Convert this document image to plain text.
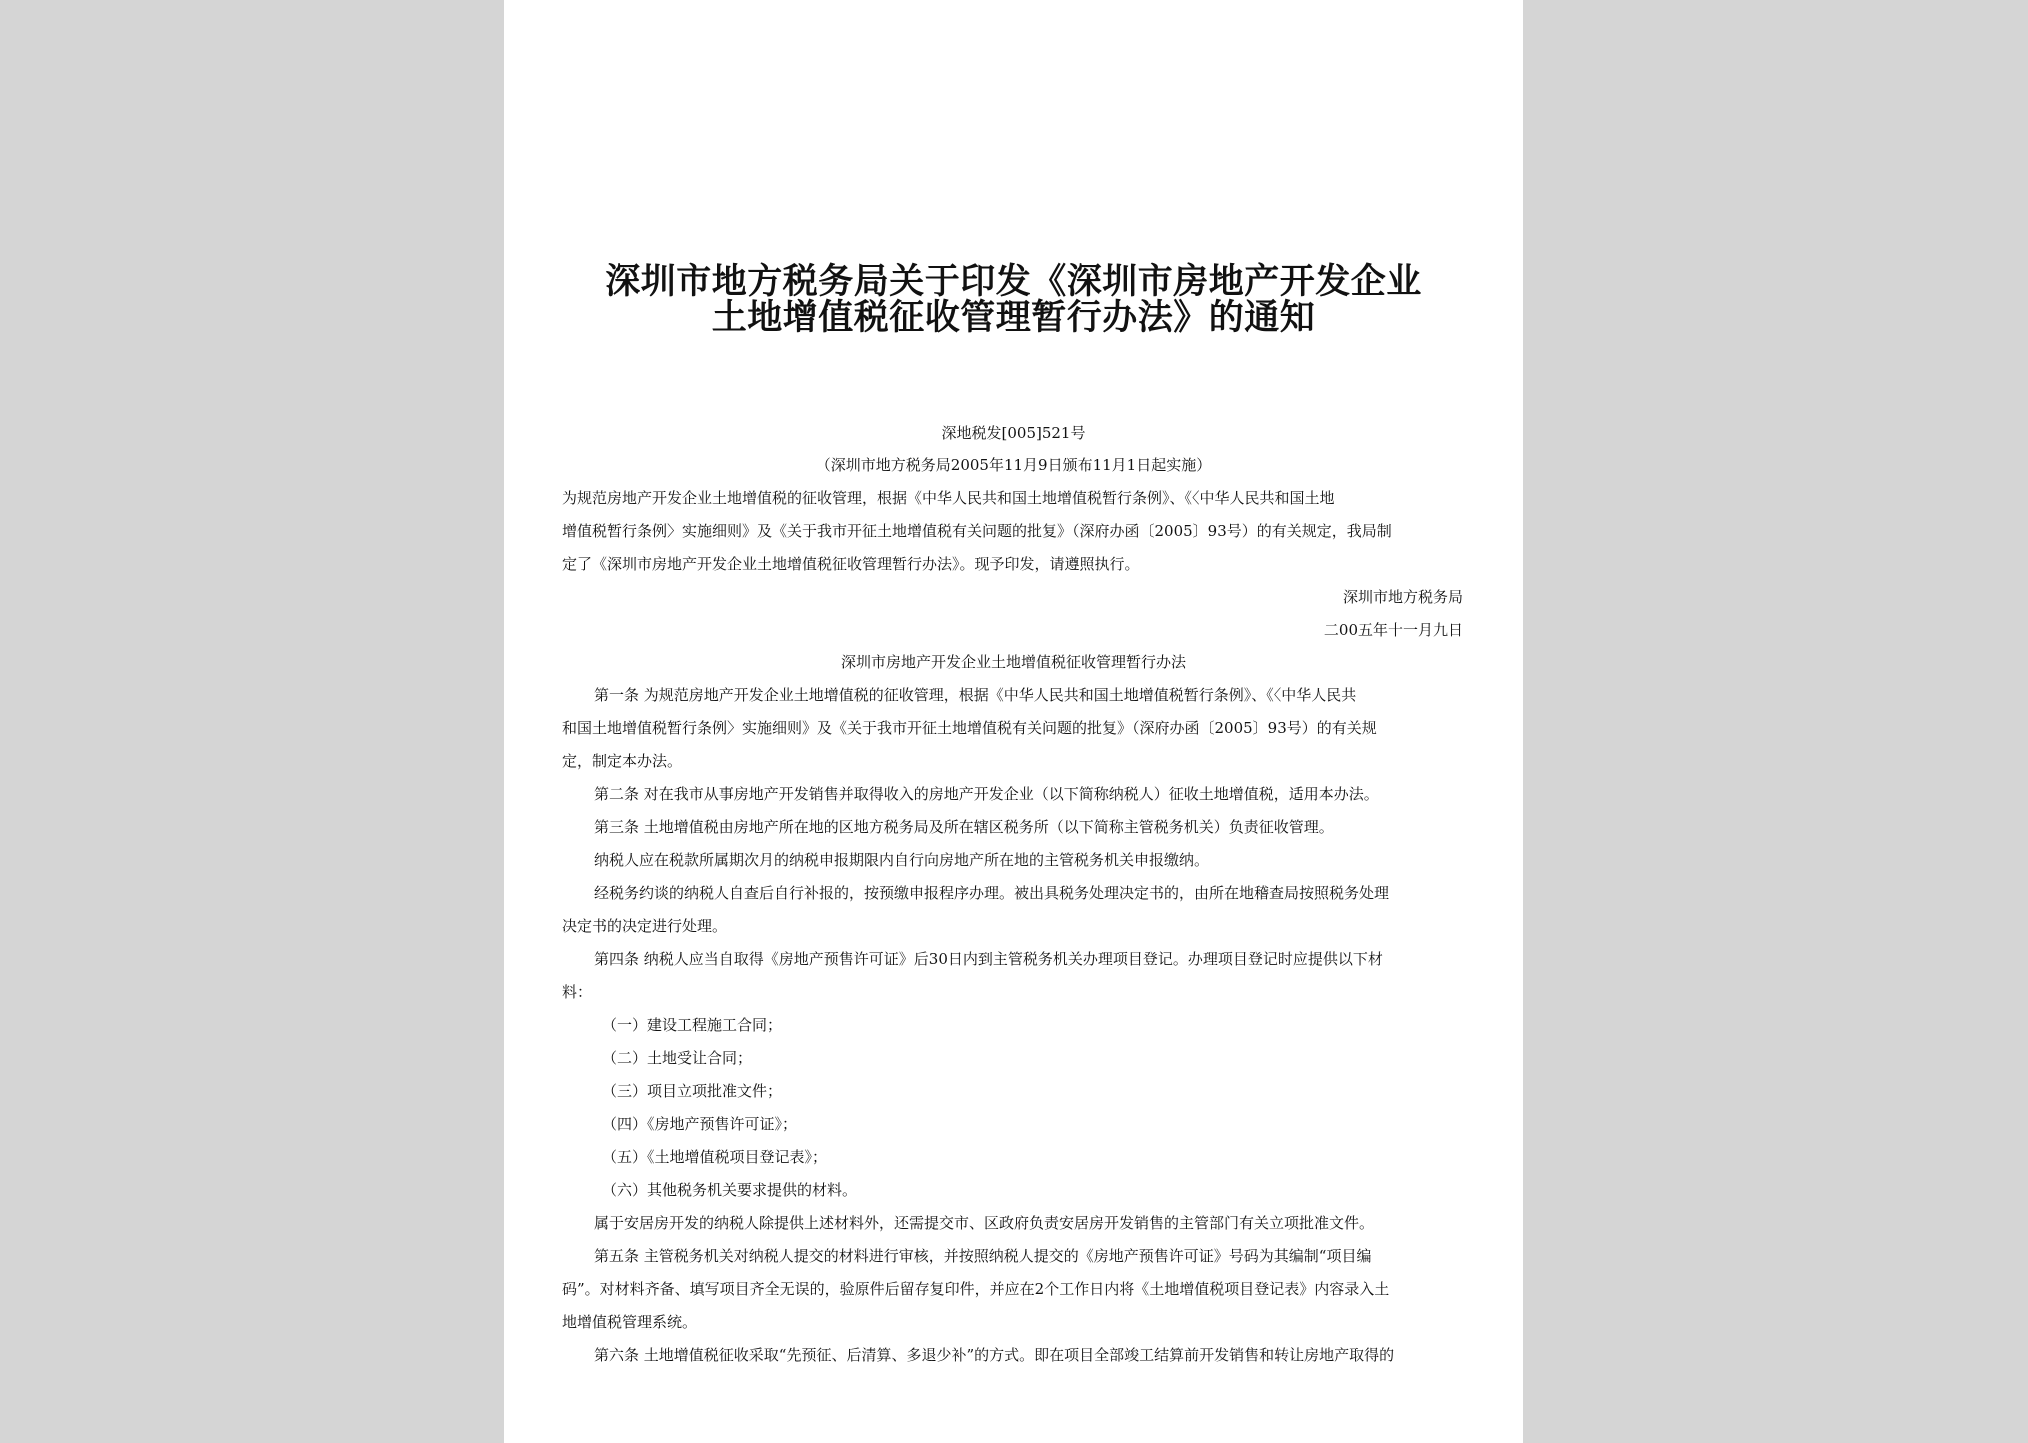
深圳市地方税务局关于印发《深圳市房地产开发企业
土地增值税征收管理暂行办法》的通知
深地税发[005]521号
（深圳市地方税务局2005年11月9日颁布11月1日起实施）
为规范房地产开发企业土地增值税的征收管理，根据《中华人民共和国土地增值税暂行条例》、《〈中华人民共和国土地
增值税暂行条例〉实施细则》及《关于我市开征土地增值税有关问题的批复》（深府办函〔2005〕93号）的有关规定，我局制
定了《深圳市房地产开发企业土地增值税征收管理暂行办法》。现予印发，请遵照执行。
深圳市地方税务局
二00五年十一月九日
深圳市房地产开发企业土地增值税征收管理暂行办法
第一条 为规范房地产开发企业土地增值税的征收管理，根据《中华人民共和国土地增值税暂行条例》、《〈中华人民共
和国土地增值税暂行条例〉实施细则》及《关于我市开征土地增值税有关问题的批复》（深府办函〔2005〕93号）的有关规
定，制定本办法。
第二条 对在我市从事房地产开发销售并取得收入的房地产开发企业（以下简称纳税人）征收土地增值税，适用本办法。
第三条 土地增值税由房地产所在地的区地方税务局及所在辖区税务所（以下简称主管税务机关）负责征收管理。
纳税人应在税款所属期次月的纳税申报期限内自行向房地产所在地的主管税务机关申报缴纳。
经税务约谈的纳税人自查后自行补报的，按预缴申报程序办理。被出具税务处理决定书的，由所在地稽查局按照税务处理
决定书的决定进行处理。
第四条 纳税人应当自取得《房地产预售许可证》后30日内到主管税务机关办理项目登记。办理项目登记时应提供以下材
料：
（一）建设工程施工合同；
（二）土地受让合同；
（三）项目立项批准文件；
（四）《房地产预售许可证》；
（五）《土地增值税项目登记表》；
（六）其他税务机关要求提供的材料。
属于安居房开发的纳税人除提供上述材料外，还需提交市、区政府负责安居房开发销售的主管部门有关立项批准文件。
第五条 主管税务机关对纳税人提交的材料进行审核，并按照纳税人提交的《房地产预售许可证》号码为其编制“项目编
码”。对材料齐备、填写项目齐全无误的，验原件后留存复印件，并应在2个工作日内将《土地增值税项目登记表》内容录入土
地增值税管理系统。
第六条 土地增值税征收采取“先预征、后清算、多退少补”的方式。即在项目全部竣工结算前开发销售和转让房地产取得的
